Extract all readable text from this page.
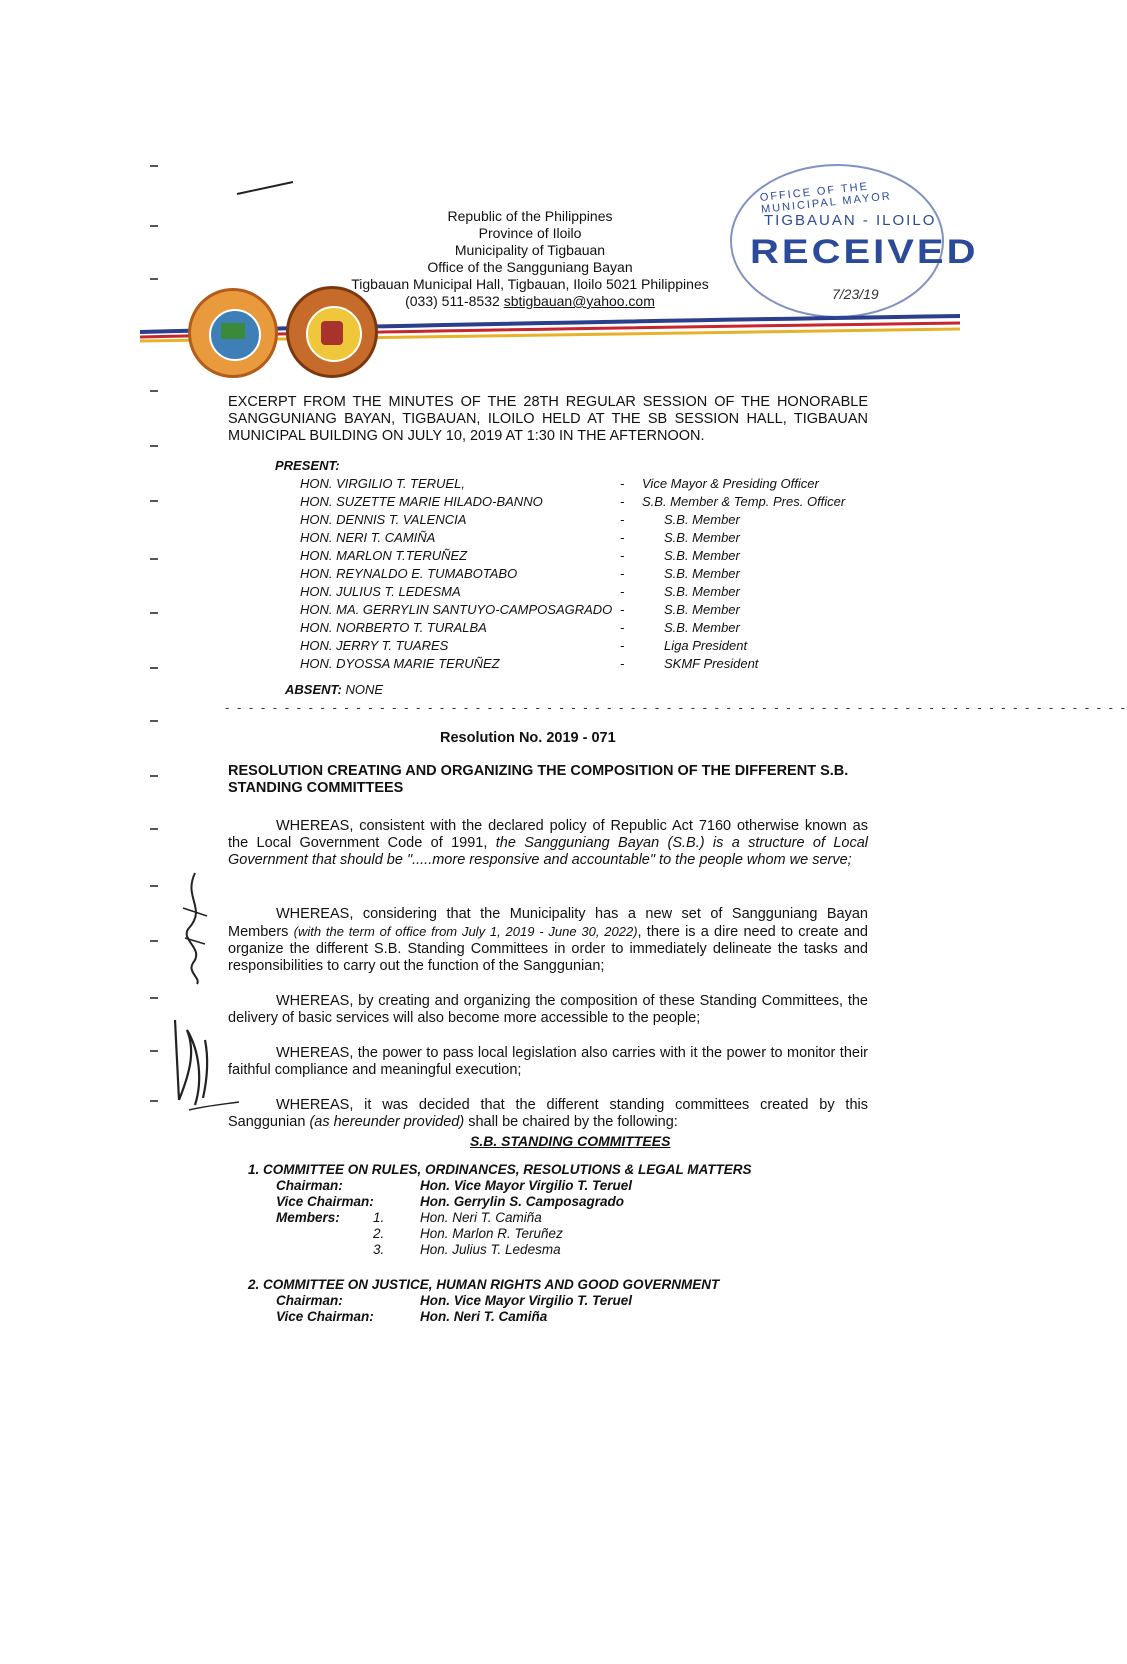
Republic of the Philippines
Province of Iloilo
Municipality of Tigbauan
Office of the Sangguniang Bayan
Tigbauan Municipal Hall, Tigbauan, Iloilo 5021 Philippines
(033) 511-8532 sbtigbauan@yahoo.com
OFFICE OF THE MUNICIPAL MAYOR
TIGBAUAN - ILOILO
RECEIVED
7/23/19
EXCERPT FROM THE MINUTES OF THE 28TH REGULAR SESSION OF THE HONORABLE SANGGUNIANG BAYAN, TIGBAUAN, ILOILO HELD AT THE SB SESSION HALL, TIGBAUAN MUNICIPAL BUILDING ON JULY 10, 2019 AT 1:30 IN THE AFTERNOON.
PRESENT:
HON. VIRGILIO T. TERUEL,	- Vice Mayor & Presiding Officer
HON. SUZETTE MARIE HILADO-BANNO	- S.B. Member & Temp. Pres. Officer
HON. DENNIS T. VALENCIA	-	S.B. Member
HON. NERI T. CAMIÑA	-	S.B. Member
HON. MARLON T.TERUÑEZ	-	S.B. Member
HON. REYNALDO E. TUMABOTABO	-	S.B. Member
HON. JULIUS T. LEDESMA	-	S.B. Member
HON. MA. GERRYLIN SANTUYO-CAMPOSAGRADO -	S.B. Member
HON. NORBERTO T. TURALBA	-	S.B. Member
HON. JERRY T. TUARES	-	Liga President
HON. DYOSSA MARIE TERUÑEZ	-	SKMF President
ABSENT: NONE
- - - - - - - - - - - - - - - - - - - - - - - - - - - - - - - - - - - - - - - - - - - - - - - - - - - - - - - - - - - - - - - - - - - - - - - - - - - -
Resolution No. 2019 - 071
RESOLUTION CREATING AND ORGANIZING THE COMPOSITION OF THE DIFFERENT S.B. STANDING COMMITTEES
WHEREAS, consistent with the declared policy of Republic Act 7160 otherwise known as the Local Government Code of 1991, the Sangguniang Bayan (S.B.) is a structure of Local Government that should be ".....more responsive and accountable" to the people whom we serve;
WHEREAS, considering that the Municipality has a new set of Sangguniang Bayan Members (with the term of office from July 1, 2019 - June 30, 2022), there is a dire need to create and organize the different S.B. Standing Committees in order to immediately delineate the tasks and responsibilities to carry out the function of the Sanggunian;
WHEREAS, by creating and organizing the composition of these Standing Committees, the delivery of basic services will also become more accessible to the people;
WHEREAS, the power to pass local legislation also carries with it the power to monitor their faithful compliance and meaningful execution;
WHEREAS, it was decided that the different standing committees created by this Sanggunian (as hereunder provided) shall be chaired by the following:
S.B. STANDING COMMITTEES
1. COMMITTEE ON RULES, ORDINANCES, RESOLUTIONS & LEGAL MATTERS
Chairman:	Hon. Vice Mayor Virgilio T. Teruel
Vice Chairman:	Hon. Gerrylin S. Camposagrado
Members: 1.	Hon. Neri T. Camiña
2.	Hon. Marlon R. Teruñez
3.	Hon. Julius T. Ledesma
2. COMMITTEE ON JUSTICE, HUMAN RIGHTS AND GOOD GOVERNMENT
Chairman:	Hon. Vice Mayor Virgilio T. Teruel
Vice Chairman:	Hon. Neri T. Camiña
